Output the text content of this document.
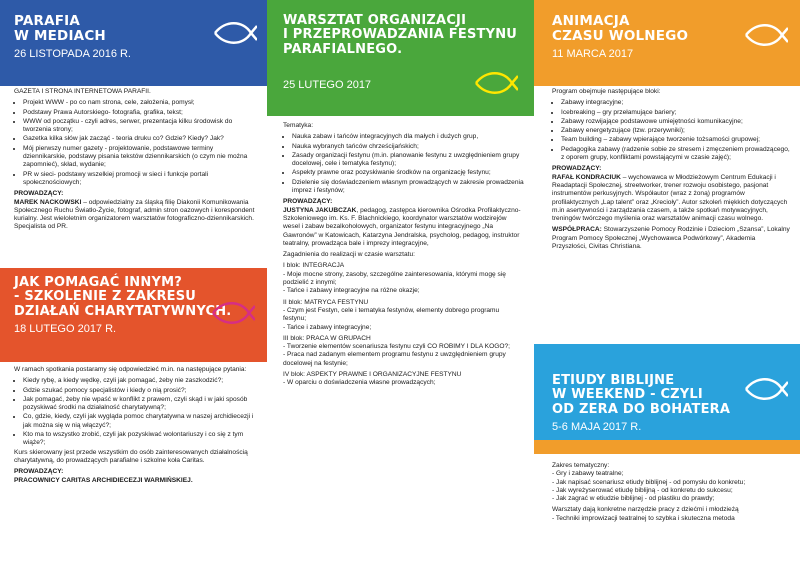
PARAFIA
W MEDIACH
26 LISTOPADA 2016 R.

GAZETA I STRONA INTERNETOWA PARAFII.

• Projekt WWW - po co nam strona, cele, założenia, pomysł;
• Podstawy Prawa Autorskiego- fotografia, grafika, tekst;
• WWW od początku - czyli adres, serwer, prezentacja kilku środowisk do tworzenia strony;
• Gazetka kilka słów jak zacząć - teoria druku co? Gdzie? Kiedy? Jak?
• Mój pierwszy numer gazety - projektowanie, podstawowe terminy dziennikarskie, podstawy pisania tekstów dziennikarskich (o czym nie można zapomnieć), skład, wydanie;
• PR w sieci- podstawy wszelkiej promocji w sieci i funkcje portali społecznościowych;
PROWADZĄCY:

MAREK NACKOWSKI – odpowiedzialny za śląską filię Diakonii Komunikowania Społecznego Ruchu Światło-Życie, fotograf, admin stron oazowych i korespondent kurialny. Jest wieloletnim organizatorem warsztatów fotograficzno-dziennikarskich. Specjalista od PR.

JAK POMAGAĆ INNYM?
- SZKOLENIE Z ZAKRESU
DZIAŁAŃ CHARYTATYWNYCH.
18 LUTEGO 2017 R.

W ramach spotkania postaramy się odpowiedzieć m.in. na następujące pytania:

• Kiedy rybę, a kiedy wędkę, czyli jak pomagać, żeby nie zaszkodzić?;
• Gdzie szukać pomocy specjalistów i kiedy o nią prosić?;
• Jak pomagać, żeby nie wpaść w konflikt z prawem, czyli skąd i w jaki sposób pozyskiwać środki na działalność charytatywną?;
• Co, gdzie, kiedy, czyli jak wygląda pomoc charytatywna w naszej archidiecezji i jak można się w nią włączyć?;
• Kto ma to wszystko zrobić, czyli jak pozyskiwać wolontariuszy i co się z tym wiąże?;

Kurs skierowany jest przede wszystkim do osób zainteresowanych działalnością charytatywną, do prowadzących parafialne i szkolne koła Caritas.

PROWADZĄCY:
PRACOWNICY CARITAS ARCHIDIECEZJI WARMIŃSKIEJ.
WARSZTAT ORGANIZACJI
I PRZEPROWADZANIA FESTYNU
PARAFIALNEGO.
25 LUTEGO 2017

Tematyka:

• Nauka zabaw i tańców integracyjnych dla małych i dużych grup,
• Nauka wybranych tańców chrześcijańskich;
• Zasady organizacji festynu (m.in. planowanie festynu z uwzględnieniem grupy docelowej, cele i tematyka festynu);
• Aspekty prawne oraz pozyskiwanie środków na organizację festynu;
• Dzielenie się doświadczeniem własnym prowadzących w zakresie prowadzenia imprez i festynów;
PROWADZĄCY:

JUSTYNA JAKUBCZAK, pedagog, zastępca kierownika Ośrodka Profilaktyczno-Szkoleniowego im. Ks. F. Blachnickiego, koordynator warsztatów wodzirejów wesel i zabaw bezalkoholowych, organizator festynu integracyjnego „Na Gawronów” w Katowicach, Katarzyna Jendralska, psycholog, pedagog, instruktor teatralny, prowadząca bale i imprezy integracyjne,

Zagadnienia do realizacji w czasie warsztatu:

I blok: INTEGRACJA
- Moje mocne strony, zasoby, szczególne zainteresowania, którymi mogę się podzielić z innymi;

- Tańce i zabawy integracyjne na różne okazje;

II blok: MATRYCA FESTYNU
- Czym jest Festyn, cele i tematyka festynów, elementy dobrego programu festynu;

- Tańce i zabawy integracyjne;

III blok: PRACA W GRUPACH
- Tworzenie elementów scenariusza festynu czyli CO ROBIMY I DLA KOGO?;

- Praca nad zadanym elementem programu festynu z uwzględnieniem grupy docelowej na festynie;

IV blok: ASPEKTY PRAWNE I ORGANIZACYJNE FESTYNU
- W oparciu o doświadczenia własne prowadzących;
ANIMACJA
CZASU WOLNEGO
11 MARCA 2017

Program obejmuje następujące bloki:

• Zabawy integracyjne;
• Icebreaking – gry przełamujące bariery;
• Zabawy rozwijające podstawowe umiejętności komunikacyjne;
• Zabawy energetyzujące (tzw. przerywniki);
• Team building – zabawy wpierające tworzenie tożsamości grupowej;
• Pedagogika zabawy (radzenie sobie ze stresem i zmęczeniem prowadzącego, z oporem grupy, konfliktami powstającymi w czasie zajęć);
PROWADZĄCY:

RAFAŁ KONDRACIUK – wychowawca w Młodzieżowym Centrum Edukacji i Readaptacji Społecznej, streetworker, trener rozwoju osobistego, pasjonat instrumentów perkusyjnych. Współautor (wraz z żoną) programów profilaktycznych „Lap talent” oraz „Krecioły”. Autor szkoleń miękkich dotyczących m.in asertywności i zarządzania czasem, a także spotkań motywacyjnych, treningów twórczego myślenia oraz warsztatów animacji czasu wolnego.

WSPÓŁPRACA: Stowarzyszenie Pomocy Rodzinie i Dzieciom „Szansa”, Lokalny Program Pomocy Społecznej „Wychowawca Podwórkowy”, Akademia Przyszłości, Civitas Christiana.

ETIUDY BIBLIJNE
W WEEKEND - CZYLI
OD ZERA DO BOHATERA
5-6 MAJA 2017 R.
Zakres tematyczny:
- Gry i zabawy teatralne;
- Jak napisać scenariusz etiudy biblijnej - od pomysłu do konkretu;
- Jak wyreżyserować etiudę biblijną - od konkretu do sukcesu;

- Jak zagrać w etiudzie biblijnej - od plastiku do prawdy;

Warsztaty dają konkretne narzędzie pracy z dziećmi i młodzieżą
- Techniki improwizacji teatralnej to szybka i skuteczna metoda
